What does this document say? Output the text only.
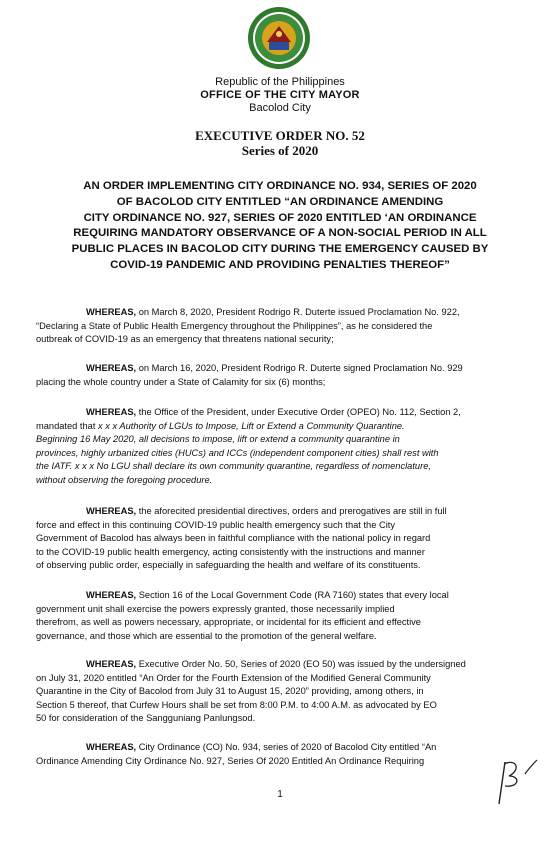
Republic of the Philippines
OFFICE OF THE CITY MAYOR
Bacolod City
EXECUTIVE ORDER NO. 52
Series of 2020
AN ORDER IMPLEMENTING CITY ORDINANCE NO. 934, SERIES OF 2020
OF BACOLOD CITY ENTITLED “AN ORDINANCE AMENDING
CITY ORDINANCE NO. 927, SERIES OF 2020 ENTITLED ‘AN ORDINANCE
REQUIRING MANDATORY OBSERVANCE OF A NON-SOCIAL PERIOD IN ALL
PUBLIC PLACES IN BACOLOD CITY DURING THE EMERGENCY CAUSED BY
COVID-19 PANDEMIC AND PROVIDING PENALTIES THEREOF”
WHEREAS, on March 8, 2020, President Rodrigo R. Duterte issued Proclamation No. 922,
“Declaring a State of Public Health Emergency throughout the Philippines”, as he considered the
outbreak of COVID-19 as an emergency that threatens national security;
WHEREAS, on March 16, 2020, President Rodrigo R. Duterte signed Proclamation No. 929
placing the whole country under a State of Calamity for six (6) months;
WHEREAS, the Office of the President, under Executive Order (OPEO) No. 112, Section 2,
mandated that x x x Authority of LGUs to Impose, Lift or Extend a Community Quarantine.
Beginning 16 May 2020, all decisions to impose, lift or extend a community quarantine in
provinces, highly urbanized cities (HUCs) and ICCs (independent component cities) shall rest with
the IATF. x x x No LGU shall declare its own community quarantine, regardless of nomenclature,
without observing the foregoing procedure.
WHEREAS, the aforecited presidential directives, orders and prerogatives are still in full
force and effect in this continuing COVID-19 public health emergency such that the City
Government of Bacolod has always been in faithful compliance with the national policy in regard
to the COVID-19 public health emergency, acting consistently with the instructions and manner
of observing public order, especially in safeguarding the health and welfare of its constituents.
WHEREAS, Section 16 of the Local Government Code (RA 7160) states that every local
government unit shall exercise the powers expressly granted, those necessarily implied
therefrom, as well as powers necessary, appropriate, or incidental for its efficient and effective
governance, and those which are essential to the promotion of the general welfare.
WHEREAS, Executive Order No. 50, Series of 2020 (EO 50) was issued by the undersigned
on July 31, 2020 entitled “An Order for the Fourth Extension of the Modified General Community
Quarantine in the City of Bacolod from July 31 to August 15, 2020” providing, among others, in
Section 5 thereof, that Curfew Hours shall be set from 8:00 P.M. to 4:00 A.M. as advocated by EO
50 for consideration of the Sangguniang Panlungsod.
WHEREAS, City Ordinance (CO) No. 934, series of 2020 of Bacolod City entitled “An
Ordinance Amending City Ordinance No. 927, Series Of 2020 Entitled An Ordinance Requiring
1
